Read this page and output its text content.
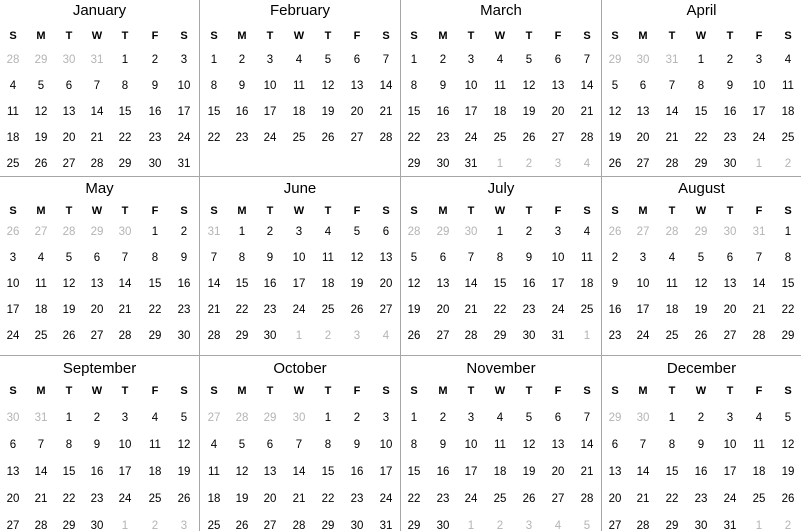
January
S	M	T	W	T	F	S
28	29	30	31	1	2	3
4	5	6	7	8	9	10
11	12	13	14	15	16	17
18	19	20	21	22	23	24
25	26	27	28	29	30	31
February
S	M	T	W	T	F	S
1	2	3	4	5	6	7
8	9	10	11	12	13	14
15	16	17	18	19	20	21
22	23	24	25	26	27	28
March
S	M	T	W	T	F	S
1	2	3	4	5	6	7
8	9	10	11	12	13	14
15	16	17	18	19	20	21
22	23	24	25	26	27	28
29	30	31	1	2	3	4
April
S	M	T	W	T	F	S
29	30	31	1	2	3	4
5	6	7	8	9	10	11
12	13	14	15	16	17	18
19	20	21	22	23	24	25
26	27	28	29	30	1	2
May
S	M	T	W	T	F	S
26	27	28	29	30	1	2
3	4	5	6	7	8	9
10	11	12	13	14	15	16
17	18	19	20	21	22	23
24	25	26	27	28	29	30
June
S	M	T	W	T	F	S
31	1	2	3	4	5	6
7	8	9	10	11	12	13
14	15	16	17	18	19	20
21	22	23	24	25	26	27
28	29	30	1	2	3	4
July
S	M	T	W	T	F	S
28	29	30	1	2	3	4
5	6	7	8	9	10	11
12	13	14	15	16	17	18
19	20	21	22	23	24	25
26	27	28	29	30	31	1
August
S	M	T	W	T	F	S
26	27	28	29	30	31	1
2	3	4	5	6	7	8
9	10	11	12	13	14	15
16	17	18	19	20	21	22
23	24	25	26	27	28	29
September
S	M	T	W	T	F	S
30	31	1	2	3	4	5
6	7	8	9	10	11	12
13	14	15	16	17	18	19
20	21	22	23	24	25	26
27	28	29	30	1	2	3
October
S	M	T	W	T	F	S
27	28	29	30	1	2	3
4	5	6	7	8	9	10
11	12	13	14	15	16	17
18	19	20	21	22	23	24
25	26	27	28	29	30	31
November
S	M	T	W	T	F	S
1	2	3	4	5	6	7
8	9	10	11	12	13	14
15	16	17	18	19	20	21
22	23	24	25	26	27	28
29	30	1	2	3	4	5
December
S	M	T	W	T	F	S
29	30	1	2	3	4	5
6	7	8	9	10	11	12
13	14	15	16	17	18	19
20	21	22	23	24	25	26
27	28	29	30	31	1	2
